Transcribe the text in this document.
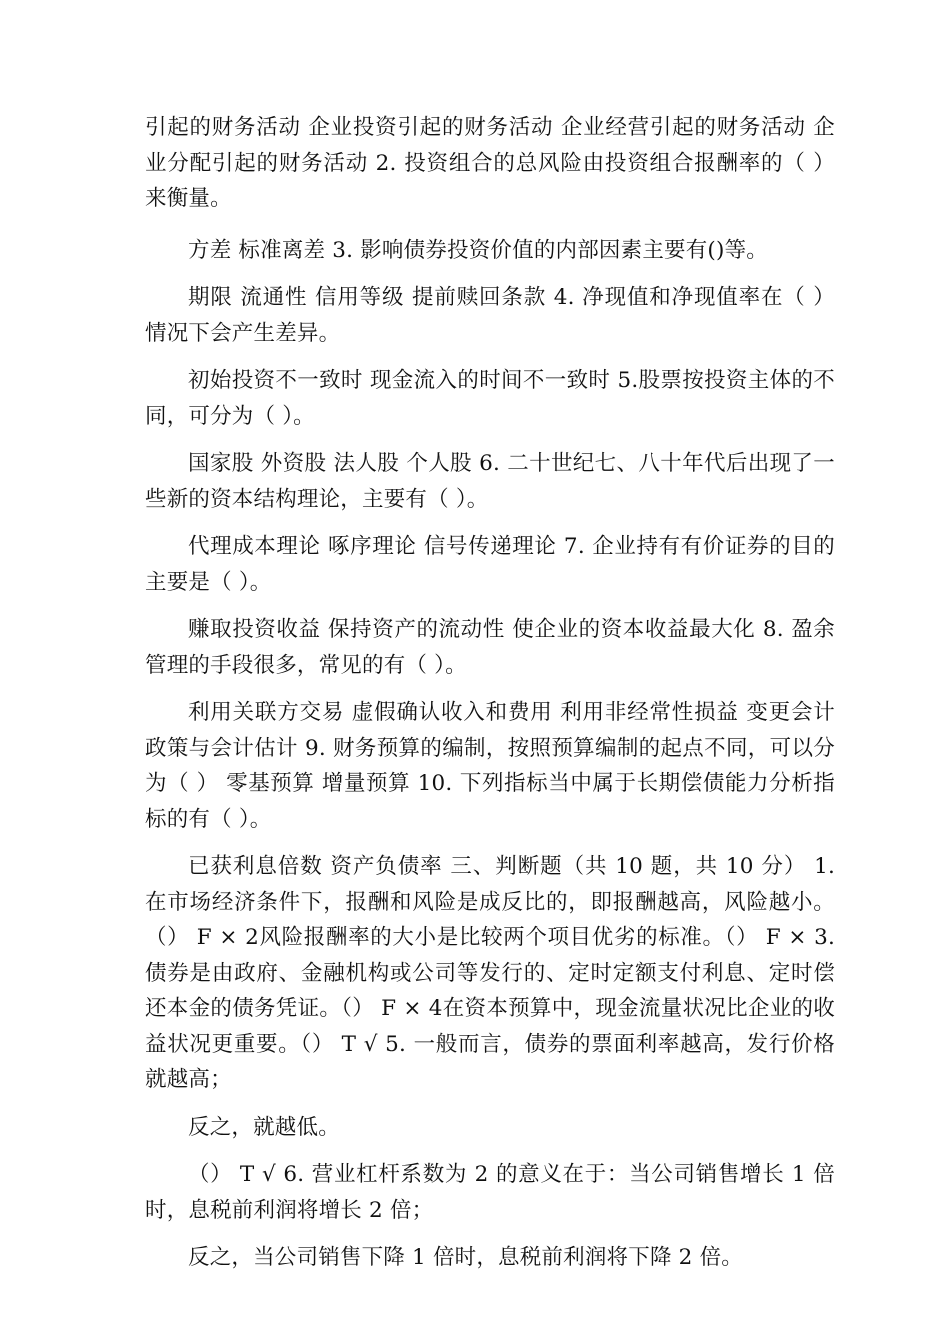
引起的财务活动 企业投资引起的财务活动 企业经营引起的财务活动 企业分配引起的财务活动 2. 投资组合的总风险由投资组合报酬率的（ ）来衡量。

方差 标准离差 3. 影响债券投资价值的内部因素主要有()等。

期限 流通性 信用等级 提前赎回条款 4. 净现值和净现值率在（ ）情况下会产生差异。

初始投资不一致时 现金流入的时间不一致时 5.股票按投资主体的不同，可分为（ ）。

国家股 外资股 法人股 个人股 6. 二十世纪七、八十年代后出现了一些新的资本结构理论，主要有（ ）。

代理成本理论 啄序理论 信号传递理论 7. 企业持有有价证券的目的主要是（ ）。

赚取投资收益 保持资产的流动性 使企业的资本收益最大化 8. 盈余管理的手段很多，常见的有（ ）。

利用关联方交易 虚假确认收入和费用 利用非经常性损益 变更会计政策与会计估计 9. 财务预算的编制，按照预算编制的起点不同，可以分为（ ） 零基预算 增量预算 10. 下列指标当中属于长期偿债能力分析指标的有（ ）。

已获利息倍数 资产负债率 三、判断题（共 10 题，共 10 分） 1. 在市场经济条件下，报酬和风险是成反比的，即报酬越高，风险越小。（） F × 2风险报酬率的大小是比较两个项目优劣的标准。（） F × 3. 债券是由政府、金融机构或公司等发行的、定时定额支付利息、定时偿还本金的债务凭证。（） F × 4在资本预算中，现金流量状况比企业的收益状况更重要。（） T √ 5. 一般而言，债券的票面利率越高，发行价格就越高；

反之，就越低。

（） T √ 6. 营业杠杆系数为 2 的意义在于：当公司销售增长 1 倍时，息税前利润将增长 2 倍；

反之，当公司销售下降 1 倍时，息税前利润将下降 2 倍。
